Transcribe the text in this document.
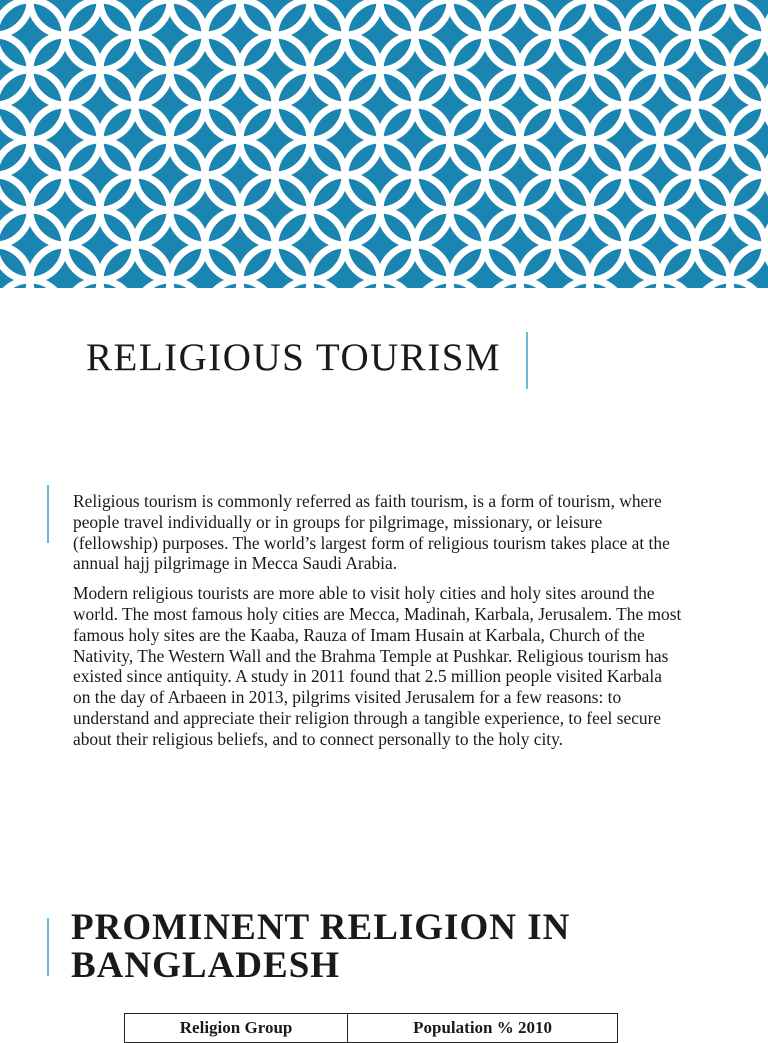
RELIGIOUS TOURISM

Religious tourism is commonly referred as faith tourism, is a form of tourism, where people travel individually or in groups for pilgrimage, missionary, or leisure (fellowship) purposes. The world’s largest form of religious tourism takes place at the annual hajj pilgrimage in Mecca Saudi Arabia.

Modern religious tourists are more able to visit holy cities and holy sites around the world. The most famous holy cities are Mecca, Madinah, Karbala, Jerusalem. The most famous holy sites are the Kaaba, Rauza of Imam Husain at Karbala, Church of the Nativity, The Western Wall and the Brahma Temple at Pushkar. Religious tourism has existed since antiquity. A study in 2011 found that 2.5 million people visited Karbala on the day of Arbaeen in 2013, pilgrims visited Jerusalem for a few reasons: to understand and appreciate their religion through a tangible experience, to feel secure about their religious beliefs, and to connect personally to the holy city.

PROMINENT RELIGION IN
BANGLADESH
Religion Group	Population % 2010
